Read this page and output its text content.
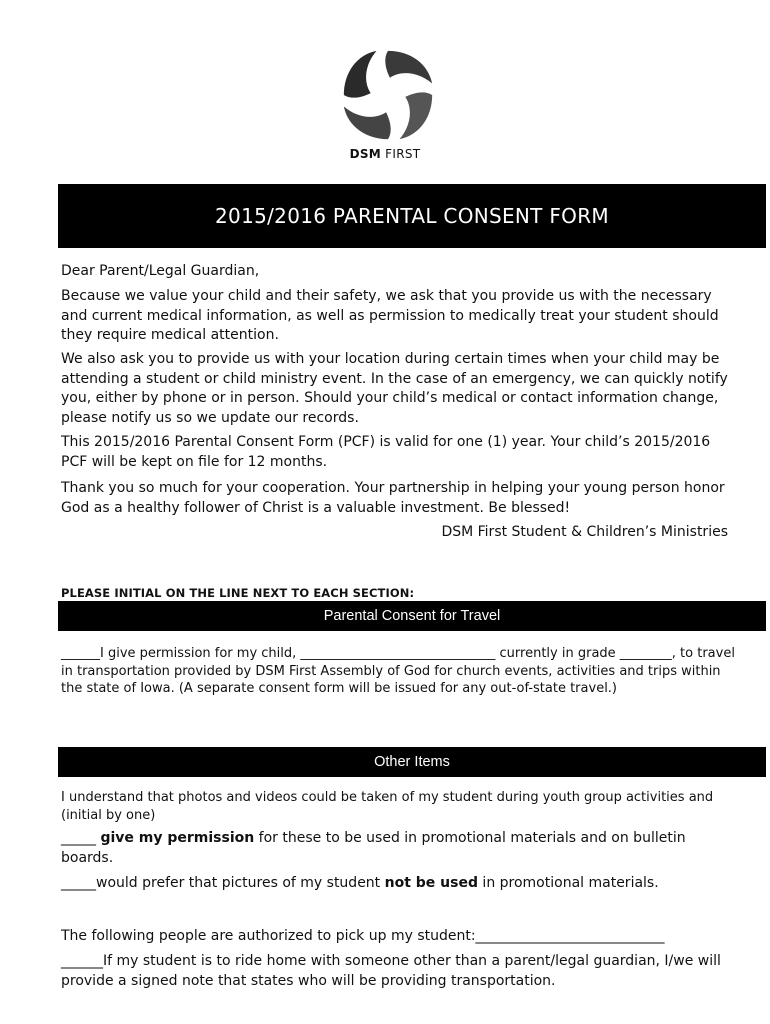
DSM FIRST
2015/2016 PARENTAL CONSENT FORM

Dear Parent/Legal Guardian,

Because we value your child and their safety, we ask that you provide us with the necessary and current medical information, as well as permission to medically treat your student should they require medical attention.

We also ask you to provide us with your location during certain times when your child may be attending a student or child ministry event. In the case of an emergency, we can quickly notify you, either by phone or in person. Should your child’s medical or contact information change, please notify us so we update our records.

This 2015/2016 Parental Consent Form (PCF) is valid for one (1) year. Your child’s 2015/2016 PCF will be kept on file for 12 months.

Thank you so much for your cooperation. Your partnership in helping your young person honor God as a healthy follower of Christ is a valuable investment. Be blessed!

DSM First Student & Children’s Ministries
PLEASE INITIAL ON THE LINE NEXT TO EACH SECTION:
Parental Consent for Travel

______I give permission for my child, ______________________________ currently in grade ________, to travel in transportation provided by DSM First Assembly of God for church events, activities and trips within the state of Iowa. (A separate consent form will be issued for any out-of-state travel.)

Other Items

I understand that photos and videos could be taken of my student during youth group activities and (initial by one)

_____ give my permission for these to be used in promotional materials and on bulletin boards.

_____would prefer that pictures of my student not be used in promotional materials.

The following people are authorized to pick up my student:___________________________

______If my student is to ride home with someone other than a parent/legal guardian, I/we will provide a signed note that states who will be providing transportation.
